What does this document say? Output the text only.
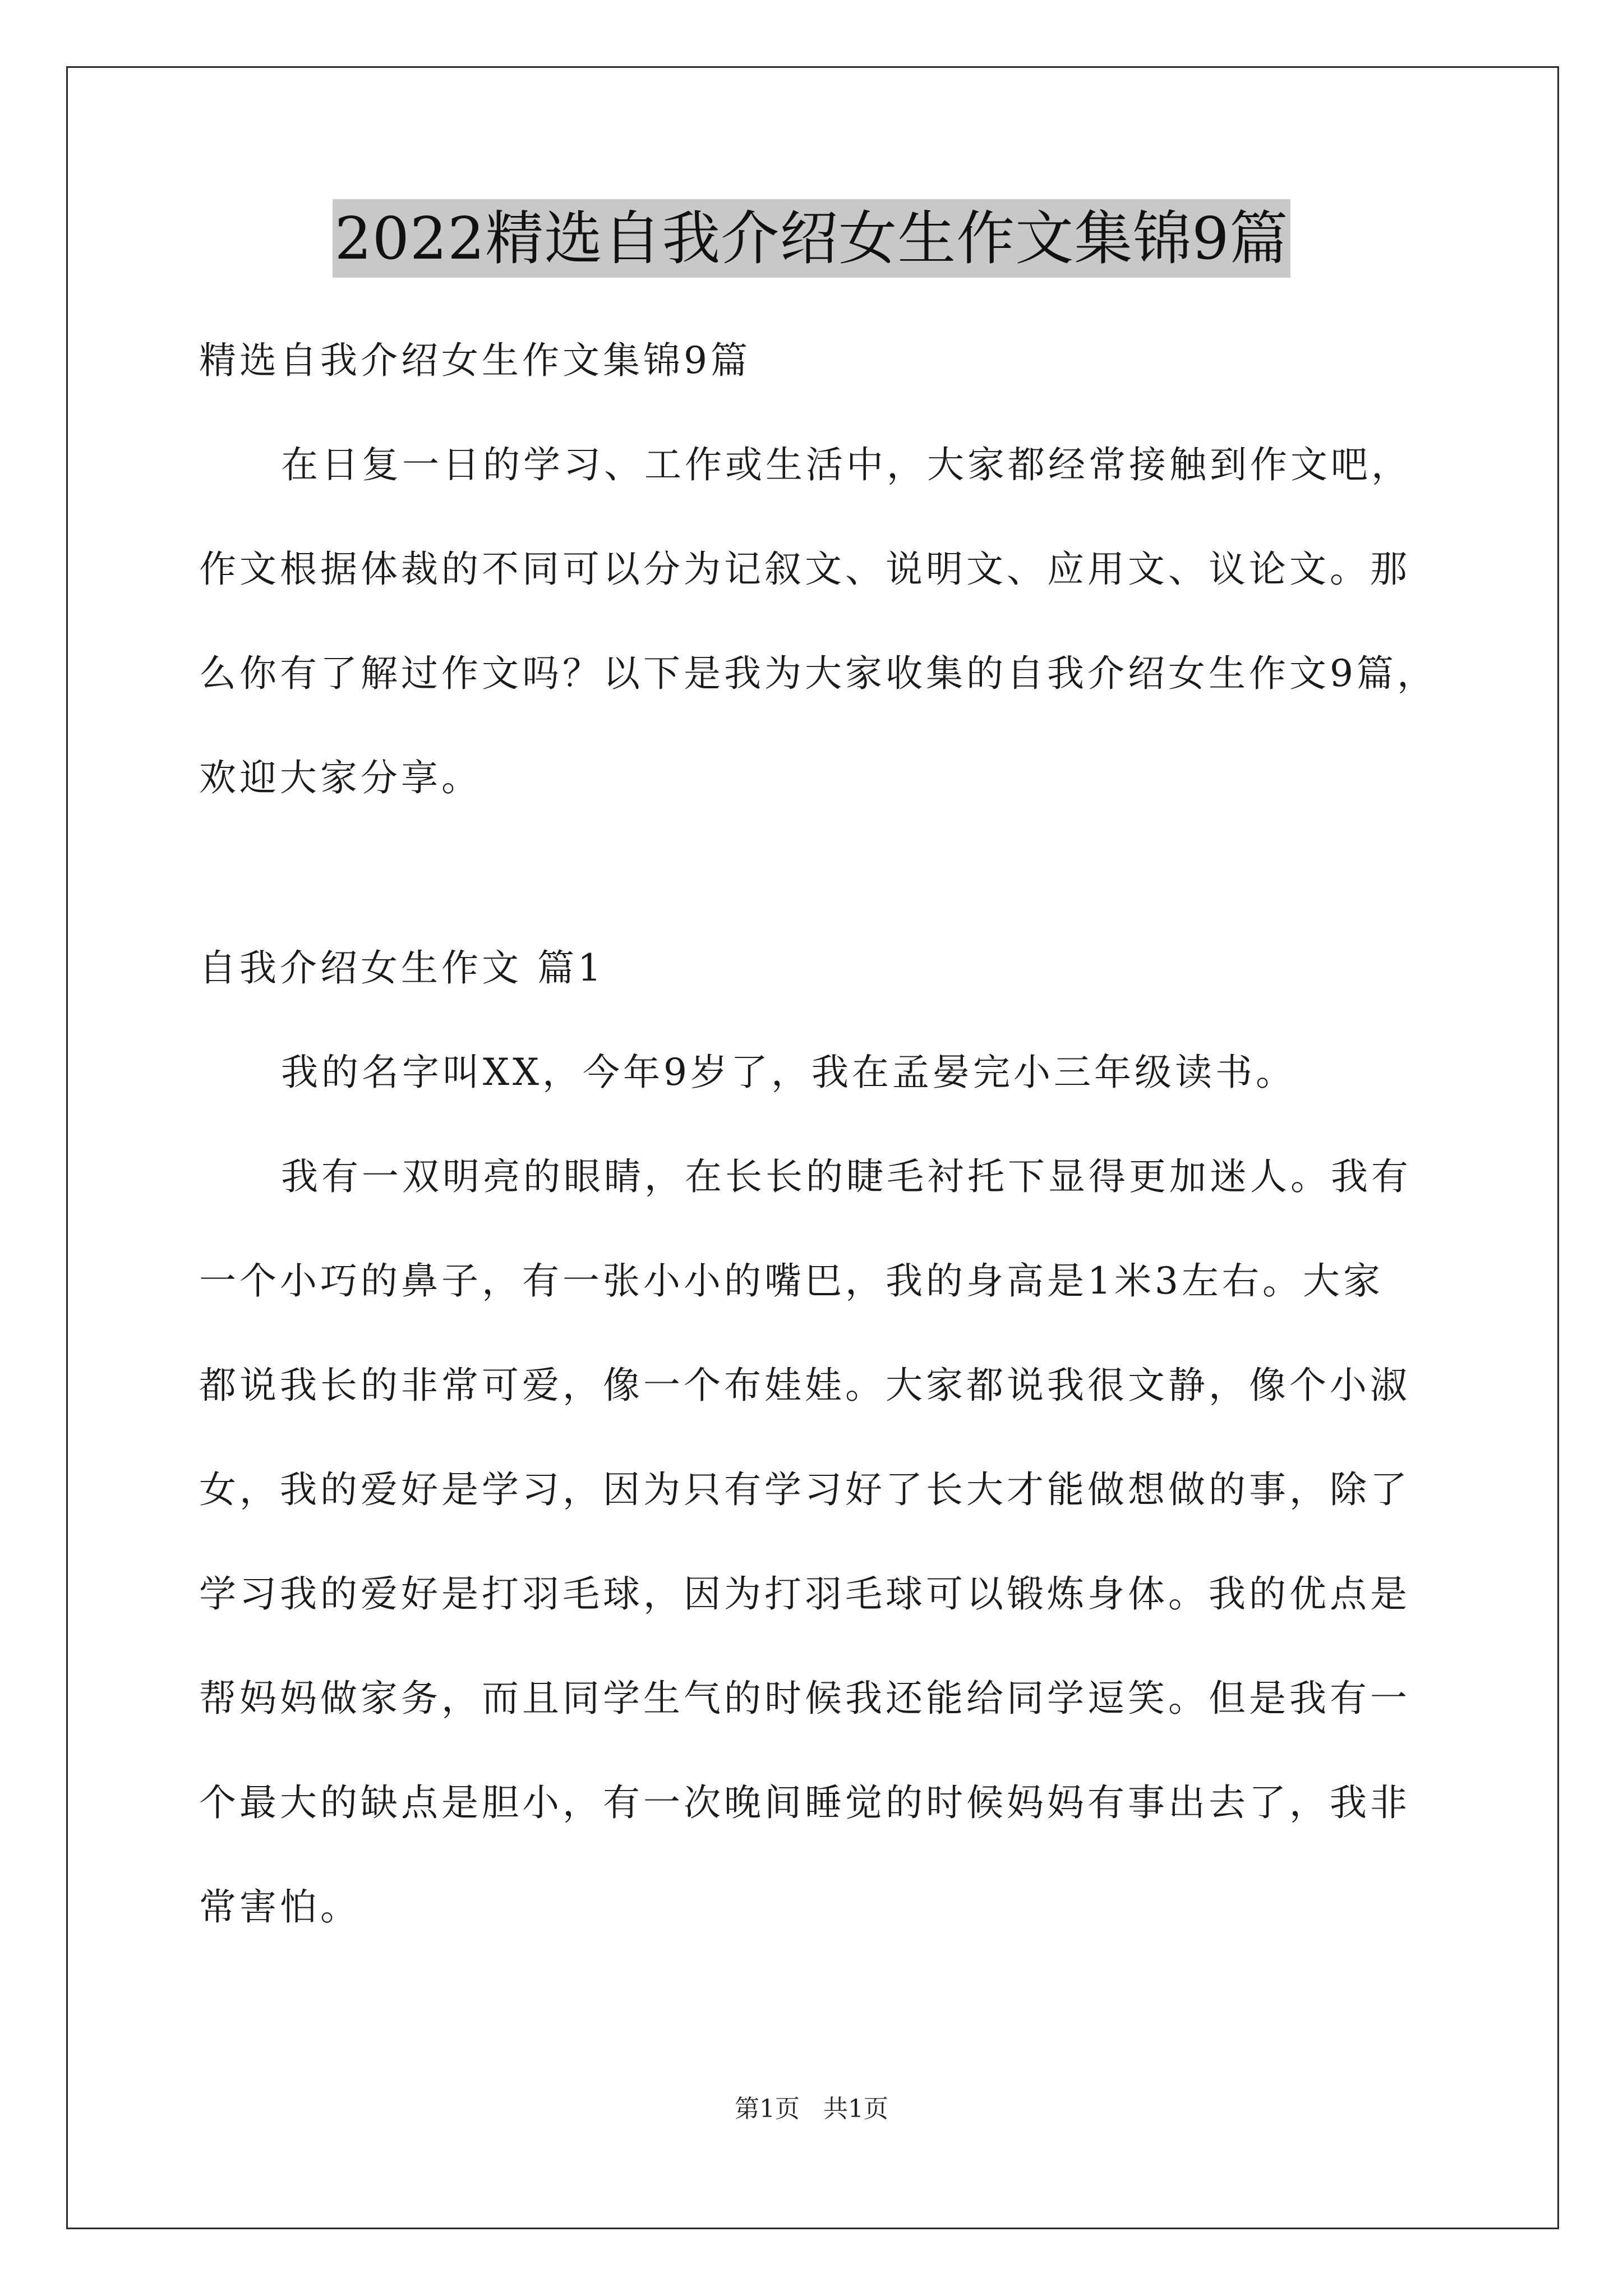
2022精选自我介绍女生作文集锦9篇
精选自我介绍女生作文集锦9篇
在日复一日的学习、工作或生活中，大家都经常接触到作文吧，
作文根据体裁的不同可以分为记叙文、说明文、应用文、议论文。那
么你有了解过作文吗？以下是我为大家收集的自我介绍女生作文9篇，
欢迎大家分享。
自我介绍女生作文 篇1
我的名字叫XX，今年9岁了，我在孟晏完小三年级读书。
我有一双明亮的眼睛，在长长的睫毛衬托下显得更加迷人。我有
一个小巧的鼻子，有一张小小的嘴巴，我的身高是1米3左右。大家
都说我长的非常可爱，像一个布娃娃。大家都说我很文静，像个小淑
女，我的爱好是学习，因为只有学习好了长大才能做想做的事，除了
学习我的爱好是打羽毛球，因为打羽毛球可以锻炼身体。我的优点是
帮妈妈做家务，而且同学生气的时候我还能给同学逗笑。但是我有一
个最大的缺点是胆小，有一次晚间睡觉的时候妈妈有事出去了，我非
常害怕。
第1页 共1页
